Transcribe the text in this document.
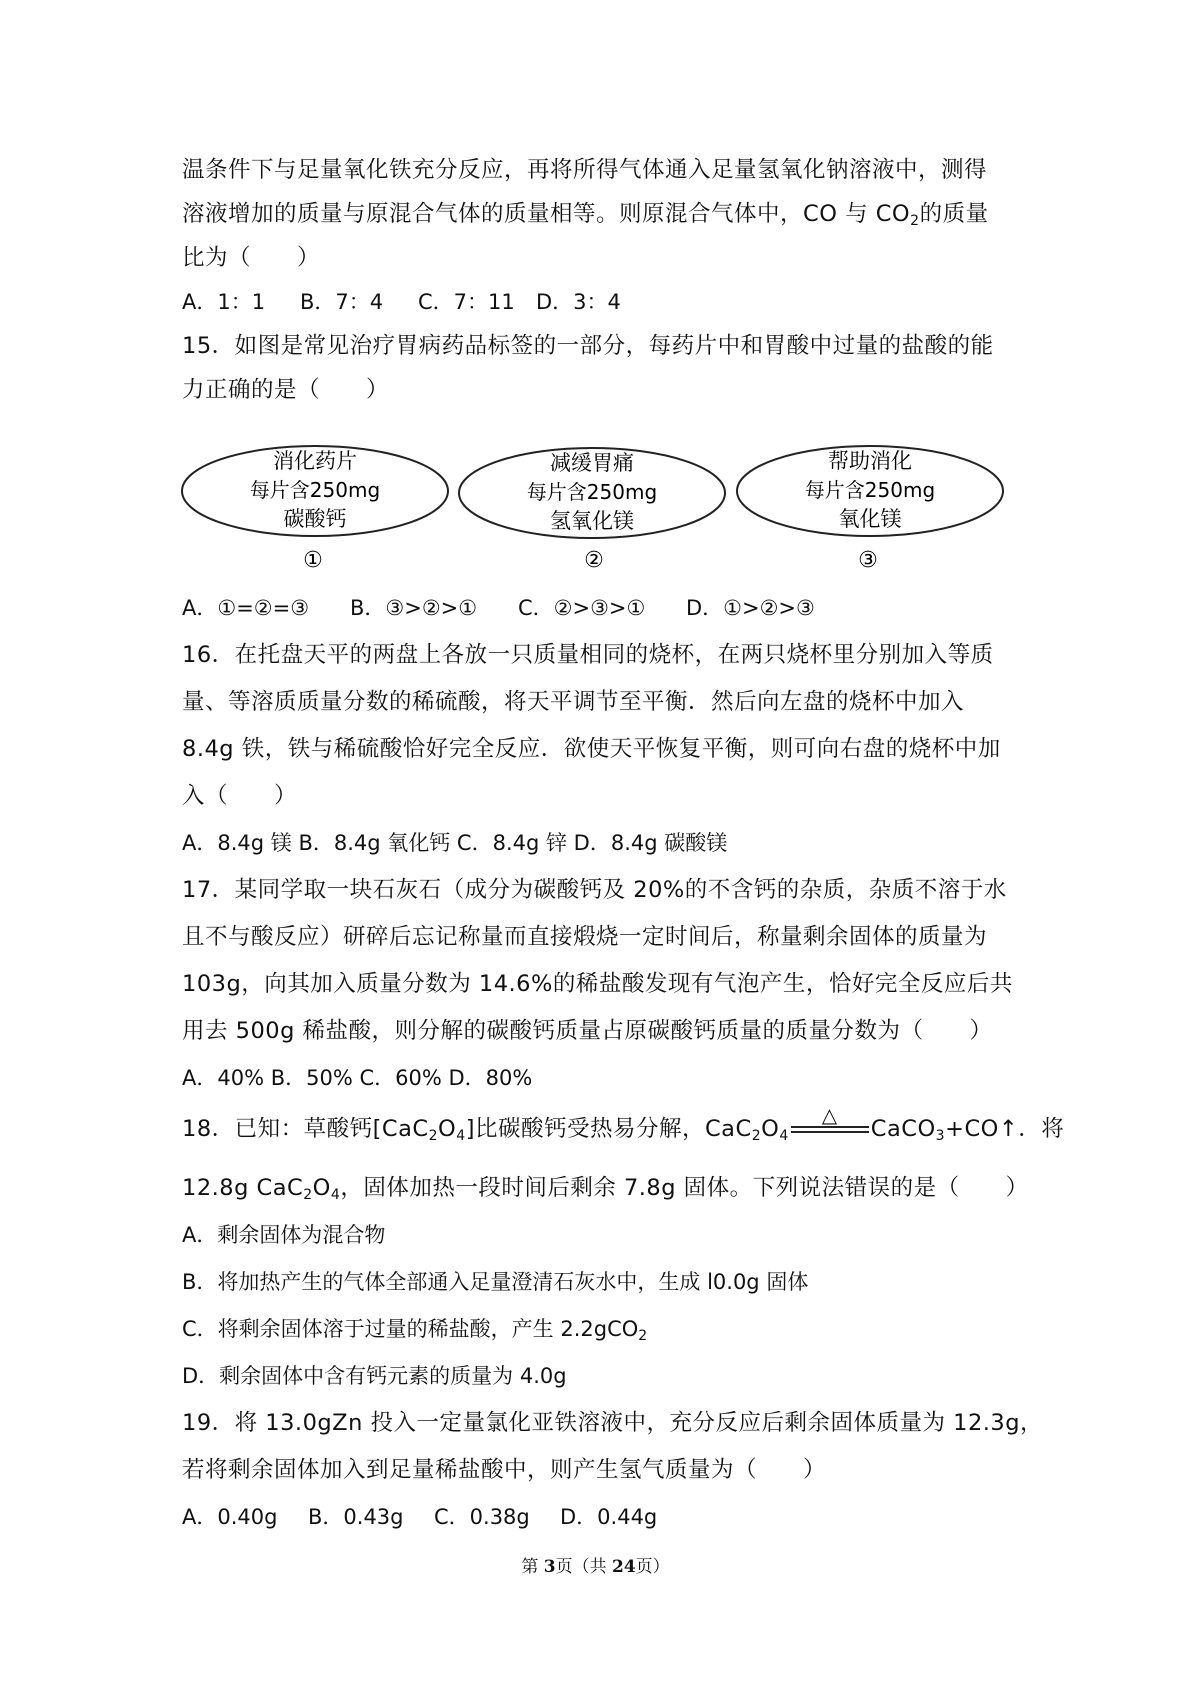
温条件下与足量氧化铁充分反应，再将所得气体通入足量氢氧化钠溶液中，测得
溶液增加的质量与原混合气体的质量相等。则原混合气体中，CO 与 $CO_2$的质量
比为（　　）
A．1：1 B．7：4 C．7：11 D．3：4
15．如图是常见治疗胃病药品标签的一部分，每药片中和胃酸中过量的盐酸的能
力正确的是（　　）
消化药片
每片含250mg
碳酸钙
①
减缓胃痛
每片含250mg
氢氧化镁
②
帮助消化
每片含250mg
氧化镁
③
A．①=②=③ B．③>②>① C．②>③>① D．①>②>③
16．在托盘天平的两盘上各放一只质量相同的烧杯，在两只烧杯里分别加入等质
量、等溶质质量分数的稀硫酸，将天平调节至平衡．然后向左盘的烧杯中加入
8.4g 铁，铁与稀硫酸恰好完全反应．欲使天平恢复平衡，则可向右盘的烧杯中加
入（　　）
A．8.4g 镁 B．8.4g 氧化钙 C．8.4g 锌 D．8.4g 碳酸镁
17．某同学取一块石灰石（成分为碳酸钙及 20%的不含钙的杂质，杂质不溶于水
且不与酸反应）研碎后忘记称量而直接煅烧一定时间后，称量剩余固体的质量为
103g，向其加入质量分数为 14.6%的稀盐酸发现有气泡产生，恰好完全反应后共
用去 500g 稀盐酸，则分解的碳酸钙质量占原碳酸钙质量的质量分数为（　　）
A．40% B．50% C．60% D．80%
18．已知：草酸钙$[CaC_2O_4]$比碳酸钙受热易分解，$CaC_2O_4$
△
CaCO$_3$+CO↑．将
12.8g $CaC_2O_4$，固体加热一段时间后剩余 7.8g 固体。下列说法错误的是（　　）
A．剩余固体为混合物
B．将加热产生的气体全部通入足量澄清石灰水中，生成 l0.0g 固体
C．将剩余固体溶于过量的稀盐酸，产生 2.2gCO$_2$
D．剩余固体中含有钙元素的质量为 4.0g
19．将 13.0gZn 投入一定量氯化亚铁溶液中，充分反应后剩余固体质量为 12.3g，
若将剩余固体加入到足量稀盐酸中，则产生氢气质量为（　　）
A．0.40g B．0.43g C．0.38g D．0.44g
第 3页（共 24页）
